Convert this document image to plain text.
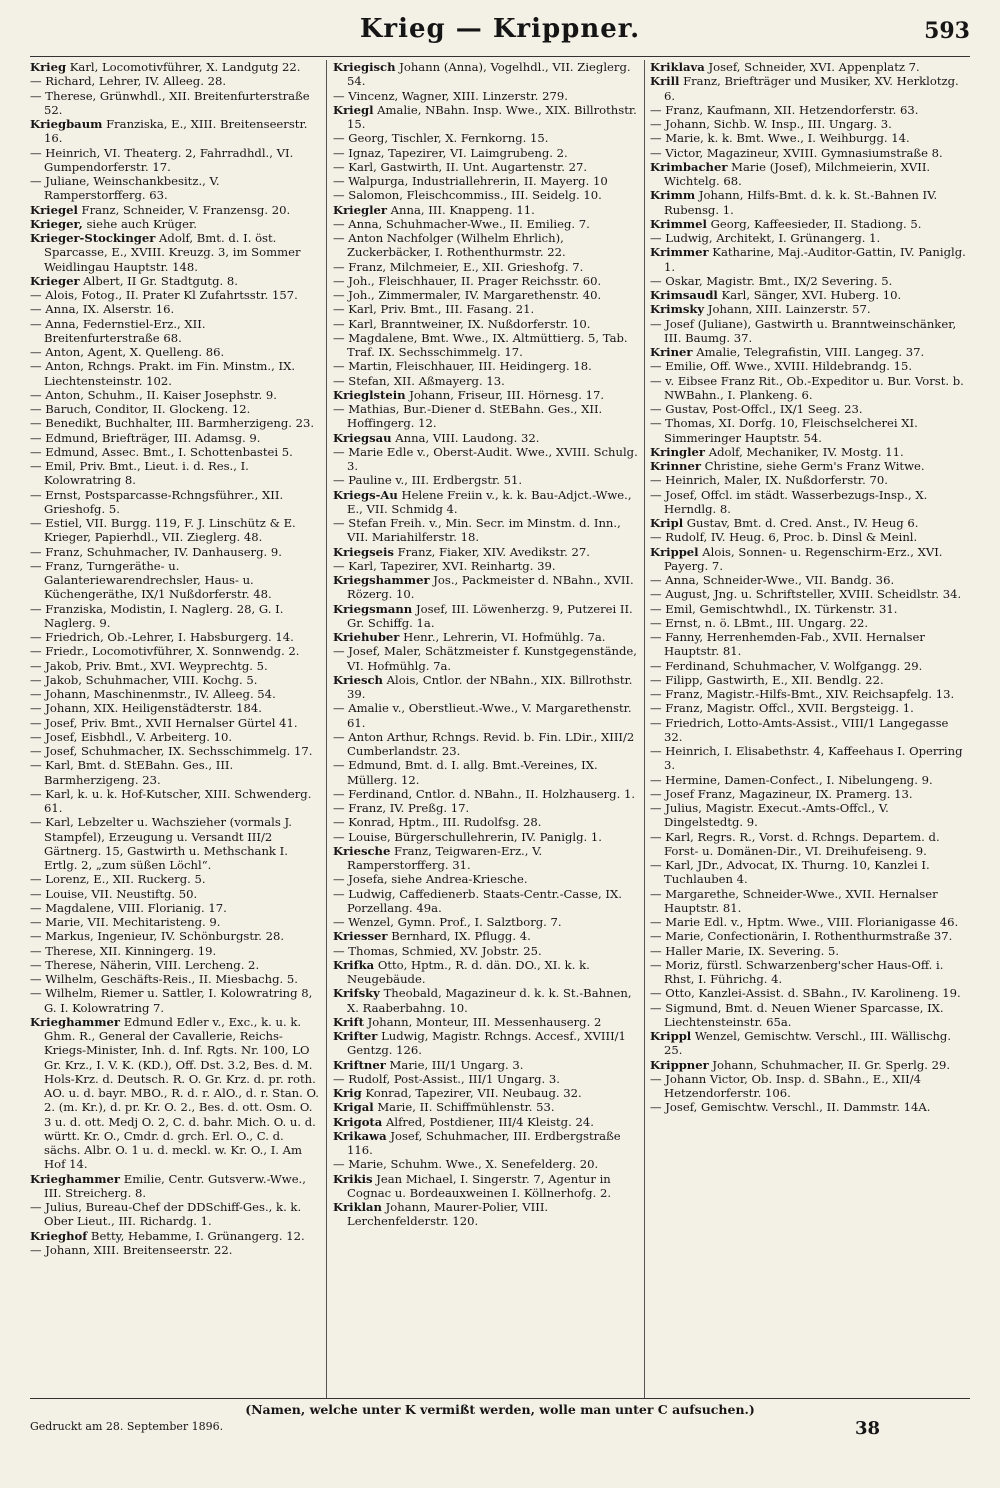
Krieg — Krippner.	593

Krieg Karl, Locomotivführer, X. Landgutg 22.

— Richard, Lehrer, IV. Alleeg. 28.

— Therese, Grünwhdl., XII. Breitenfurterstraße 52.

Kriegbaum Franziska, E., XIII. Breitenseerstr. 16.

— Heinrich, VI. Theaterg. 2, Fahrradhdl., VI. Gumpendorferstr. 17.

— Juliane, Weinschankbesitz., V. Ramperstorfferg. 63.

Kriegel Franz, Schneider, V. Franzensg. 20.

Krieger, siehe auch Krüger.

Krieger-Stockinger Adolf, Bmt. d. I. öst. Sparcasse, E., XVIII. Kreuzg. 3, im Sommer Weidlingau Hauptstr. 148.

Krieger Albert, II Gr. Stadtgutg. 8.

— Alois, Fotog., II. Prater Kl Zufahrtsstr. 157.

— Anna, IX. Alserstr. 16.

— Anna, Federnstiel-Erz., XII. Breitenfurterstraße 68.

— Anton, Agent, X. Quelleng. 86.

— Anton, Rchngs. Prakt. im Fin. Minstm., IX. Liechtensteinstr. 102.

— Anton, Schuhm., II. Kaiser Josephstr. 9.

— Baruch, Conditor, II. Glockeng. 12.

— Benedikt, Buchhalter, III. Barmherzigeng. 23.

— Edmund, Briefträger, III. Adamsg. 9.

— Edmund, Assec. Bmt., I. Schottenbastei 5.

— Emil, Priv. Bmt., Lieut. i. d. Res., I. Kolowratring 8.

— Ernst, Postsparcasse-Rchngsführer., XII. Grieshofg. 5.

— Estiel, VII. Burgg. 119, F. J. Linschütz & E. Krieger, Papierhdl., VII. Zieglerg. 48.

— Franz, Schuhmacher, IV. Danhauserg. 9.

— Franz, Turngeräthe- u. Galanteriewarendrechsler, Haus- u. Küchengeräthe, IX/1 Nußdorferstr. 48.

— Franziska, Modistin, I. Naglerg. 28, G. I. Naglerg. 9.

— Friedrich, Ob.-Lehrer, I. Habsburgerg. 14.

— Friedr., Locomotivführer, X. Sonnwendg. 2.

— Jakob, Priv. Bmt., XVI. Weyprechtg. 5.

— Jakob, Schuhmacher, VIII. Kochg. 5.

— Johann, Maschinenmstr., IV. Alleeg. 54.

— Johann, XIX. Heiligenstädterstr. 184.

— Josef, Priv. Bmt., XVII Hernalser Gürtel 41.

— Josef, Eisbhdl., V. Arbeiterg. 10.

— Josef, Schuhmacher, IX. Sechsschimmelg. 17.

— Karl, Bmt. d. StEBahn. Ges., III. Barmherzigeng. 23.

— Karl, k. u. k. Hof-Kutscher, XIII. Schwenderg. 61.

— Karl, Lebzelter u. Wachszieher (vormals J. Stampfel), Erzeugung u. Versandt III/2 Gärtnerg. 15, Gastwirth u. Methschank I. Ertlg. 2, „zum süßen Löchl“.

— Lorenz, E., XII. Ruckerg. 5.

— Louise, VII. Neustiftg. 50.

— Magdalene, VIII. Florianig. 17.

— Marie, VII. Mechitaristeng. 9.

— Markus, Ingenieur, IV. Schönburgstr. 28.

— Therese, XII. Kinningerg. 19.

— Therese, Näherin, VIII. Lercheng. 2.

— Wilhelm, Geschäfts-Reis., II. Miesbachg. 5.

— Wilhelm, Riemer u. Sattler, I. Kolowratring 8, G. I. Kolowratring 7.

Krieghammer Edmund Edler v., Exc., k. u. k. Ghm. R., General der Cavallerie, Reichs-Kriegs-Minister, Inh. d. Inf. Rgts. Nr. 100, LO Gr. Krz., I. V. K. (KD.), Off. Dst. 3.2, Bes. d. M. Hols-Krz. d. Deutsch. R. O. Gr. Krz. d. pr. roth. AO. u. d. bayr. MBO., R. d. r. AlO., d. r. Stan. O. 2. (m. Kr.), d. pr. Kr. O. 2., Bes. d. ott. Osm. O. 3 u. d. ott. Medj O. 2, C. d. bahr. Mich. O. u. d. württ. Kr. O., Cmdr. d. grch. Erl. O., C. d. sächs. Albr. O. 1 u. d. meckl. w. Kr. O., I. Am Hof 14.

Krieghammer Emilie, Centr. Gutsverw.-Wwe., III. Streicherg. 8.

— Julius, Bureau-Chef der DDSchiff-Ges., k. k. Ober Lieut., III. Richardg. 1.

Krieghof Betty, Hebamme, I. Grünangerg. 12.

— Johann, XIII. Breitenseerstr. 22.

Kriegisch Johann (Anna), Vogelhdl., VII. Zieglerg. 54.

— Vincenz, Wagner, XIII. Linzerstr. 279.

Kriegl Amalie, NBahn. Insp. Wwe., XIX. Billrothstr. 15.

— Georg, Tischler, X. Fernkorng. 15.

— Ignaz, Tapezirer, VI. Laimgrubeng. 2.

— Karl, Gastwirth, II. Unt. Augartenstr. 27.

— Walpurga, Industriallehrerin, II. Mayerg. 10

— Salomon, Fleischcommiss., III. Seidelg. 10.

Kriegler Anna, III. Knappeng. 11.

— Anna, Schuhmacher-Wwe., II. Emilieg. 7.

— Anton Nachfolger (Wilhelm Ehrlich), Zuckerbäcker, I. Rothenthurmstr. 22.

— Franz, Milchmeier, E., XII. Grieshofg. 7.

— Joh., Fleischhauer, II. Prager Reichsstr. 60.

— Joh., Zimmermaler, IV. Margarethenstr. 40.

— Karl, Priv. Bmt., III. Fasang. 21.

— Karl, Branntweiner, IX. Nußdorferstr. 10.

— Magdalene, Bmt. Wwe., IX. Altmüttierg. 5, Tab. Traf. IX. Sechsschimmelg. 17.

— Martin, Fleischhauer, III. Heidingerg. 18.

— Stefan, XII. Aßmayerg. 13.

Krieglstein Johann, Friseur, III. Hörnesg. 17.

— Mathias, Bur.-Diener d. StEBahn. Ges., XII. Hoffingerg. 12.

Kriegsau Anna, VIII. Laudong. 32.

— Marie Edle v., Oberst-Audit. Wwe., XVIII. Schulg. 3.

— Pauline v., III. Erdbergstr. 51.

Kriegs-Au Helene Freiin v., k. k. Bau-Adjct.-Wwe., E., VII. Schmidg 4.

— Stefan Freih. v., Min. Secr. im Minstm. d. Inn., VII. Mariahilferstr. 18.

Kriegseis Franz, Fiaker, XIV. Avedikstr. 27.

— Karl, Tapezirer, XVI. Reinhartg. 39.

Kriegshammer Jos., Packmeister d. NBahn., XVII. Rözerg. 10.

Kriegsmann Josef, III. Löwenherzg. 9, Putzerei II. Gr. Schiffg. 1a.

Kriehuber Henr., Lehrerin, VI. Hofmühlg. 7a.

— Josef, Maler, Schätzmeister f. Kunstgegenstände, VI. Hofmühlg. 7a.

Kriesch Alois, Cntlor. der NBahn., XIX. Billrothstr. 39.

— Amalie v., Oberstlieut.-Wwe., V. Margarethenstr. 61.

— Anton Arthur, Rchngs. Revid. b. Fin. LDir., XIII/2 Cumberlandstr. 23.

— Edmund, Bmt. d. I. allg. Bmt.-Vereines, IX. Müllerg. 12.

— Ferdinand, Cntlor. d. NBahn., II. Holzhauserg. 1.

— Franz, IV. Preßg. 17.

— Konrad, Hptm., III. Rudolfsg. 28.

— Louise, Bürgerschullehrerin, IV. Paniglg. 1.

Kriesche Franz, Teigwaren-Erz., V. Ramperstorfferg. 31.

— Josefa, siehe Andrea-Kriesche.

— Ludwig, Caffedienerb. Staats-Centr.-Casse, IX. Porzellang. 49a.

— Wenzel, Gymn. Prof., I. Salztborg. 7.

Kriesser Bernhard, IX. Pflugg. 4.

— Thomas, Schmied, XV. Jobstr. 25.

Krifka Otto, Hptm., R. d. dän. DO., XI. k. k. Neugebäude.

Krifsky Theobald, Magazineur d. k. k. St.-Bahnen, X. Raaberbahng. 10.

Krift Johann, Monteur, III. Messenhauserg. 2

Krifter Ludwig, Magistr. Rchngs. Accesf., XVIII/1 Gentzg. 126.

Kriftner Marie, III/1 Ungarg. 3.

— Rudolf, Post-Assist., III/1 Ungarg. 3.

Krig Konrad, Tapezirer, VII. Neubaug. 32.

Krigal Marie, II. Schiffmühlenstr. 53.

Krigota Alfred, Postdiener, III/4 Kleistg. 24.

Krikawa Josef, Schuhmacher, III. Erdbergstraße 116.

— Marie, Schuhm. Wwe., X. Senefelderg. 20.

Krikis Jean Michael, I. Singerstr. 7, Agentur in Cognac u. Bordeauxweinen I. Köllnerhofg. 2.

Kriklan Johann, Maurer-Polier, VIII. Lerchenfelderstr. 120.

Kriklava Josef, Schneider, XVI. Appenplatz 7.

Krill Franz, Briefträger und Musiker, XV. Herklotzg. 6.

— Franz, Kaufmann, XII. Hetzendorferstr. 63.

— Johann, Sichb. W. Insp., III. Ungarg. 3.

— Marie, k. k. Bmt. Wwe., I. Weihburgg. 14.

— Victor, Magazineur, XVIII. Gymnasiumstraße 8.

Krimbacher Marie (Josef), Milchmeierin, XVII. Wichtelg. 68.

Krimm Johann, Hilfs-Bmt. d. k. k. St.-Bahnen IV. Rubensg. 1.

Krimmel Georg, Kaffeesieder, II. Stadiong. 5.

— Ludwig, Architekt, I. Grünangerg. 1.

Krimmer Katharine, Maj.-Auditor-Gattin, IV. Paniglg. 1.

— Oskar, Magistr. Bmt., IX/2 Severing. 5.

Krimsaudl Karl, Sänger, XVI. Huberg. 10.

Krimsky Johann, XIII. Lainzerstr. 57.

— Josef (Juliane), Gastwirth u. Branntweinschänker, III. Baumg. 37.

Kriner Amalie, Telegrafistin, VIII. Langeg. 37.

— Emilie, Off. Wwe., XVIII. Hildebrandg. 15.

— v. Eibsee Franz Rit., Ob.-Expeditor u. Bur. Vorst. b. NWBahn., I. Plankeng. 6.

— Gustav, Post-Offcl., IX/1 Seeg. 23.

— Thomas, XI. Dorfg. 10, Fleischselcherei XI. Simmeringer Hauptstr. 54.

Kringler Adolf, Mechaniker, IV. Mostg. 11.

Krinner Christine, siehe Germ's Franz Witwe.

— Heinrich, Maler, IX. Nußdorferstr. 70.

— Josef, Offcl. im städt. Wasserbezugs-Insp., X. Herndlg. 8.

Kripl Gustav, Bmt. d. Cred. Anst., IV. Heug 6.

— Rudolf, IV. Heug. 6, Proc. b. Dinsl & Meinl.

Krippel Alois, Sonnen- u. Regenschirm-Erz., XVI. Payerg. 7.

— Anna, Schneider-Wwe., VII. Bandg. 36.

— August, Jng. u. Schriftsteller, XVIII. Scheidlstr. 34.

— Emil, Gemischtwhdl., IX. Türkenstr. 31.

— Ernst, n. ö. LBmt., III. Ungarg. 22.

— Fanny, Herrenhemden-Fab., XVII. Hernalser Hauptstr. 81.

— Ferdinand, Schuhmacher, V. Wolfgangg. 29.

— Filipp, Gastwirth, E., XII. Bendlg. 22.

— Franz, Magistr.-Hilfs-Bmt., XIV. Reichsapfelg. 13.

— Franz, Magistr. Offcl., XVII. Bergsteigg. 1.

— Friedrich, Lotto-Amts-Assist., VIII/1 Langegasse 32.

— Heinrich, I. Elisabethstr. 4, Kaffeehaus I. Operring 3.

— Hermine, Damen-Confect., I. Nibelungeng. 9.

— Josef Franz, Magazineur, IX. Pramerg. 13.

— Julius, Magistr. Execut.-Amts-Offcl., V. Dingelstedtg. 9.

— Karl, Regrs. R., Vorst. d. Rchngs. Departem. d. Forst- u. Domänen-Dir., VI. Dreihufeiseng. 9.

— Karl, JDr., Advocat, IX. Thurng. 10, Kanzlei I. Tuchlauben 4.

— Margarethe, Schneider-Wwe., XVII. Hernalser Hauptstr. 81.

— Marie Edl. v., Hptm. Wwe., VIII. Florianigasse 46.

— Marie, Confectionärin, I. Rothenthurmstraße 37.

— Haller Marie, IX. Severing. 5.

— Moriz, fürstl. Schwarzenberg'scher Haus-Off. i. Rhst, I. Führichg. 4.

— Otto, Kanzlei-Assist. d. SBahn., IV. Karolineng. 19.

— Sigmund, Bmt. d. Neuen Wiener Sparcasse, IX. Liechtensteinstr. 65a.

Krippl Wenzel, Gemischtw. Verschl., III. Wällischg. 25.

Krippner Johann, Schuhmacher, II. Gr. Sperlg. 29.

— Johann Victor, Ob. Insp. d. SBahn., E., XII/4 Hetzendorferstr. 106.

— Josef, Gemischtw. Verschl., II. Dammstr. 14A.

(Namen, welche unter K vermißt werden, wolle man unter C aufsuchen.)
Gedruckt am 28. September 1896.	38
